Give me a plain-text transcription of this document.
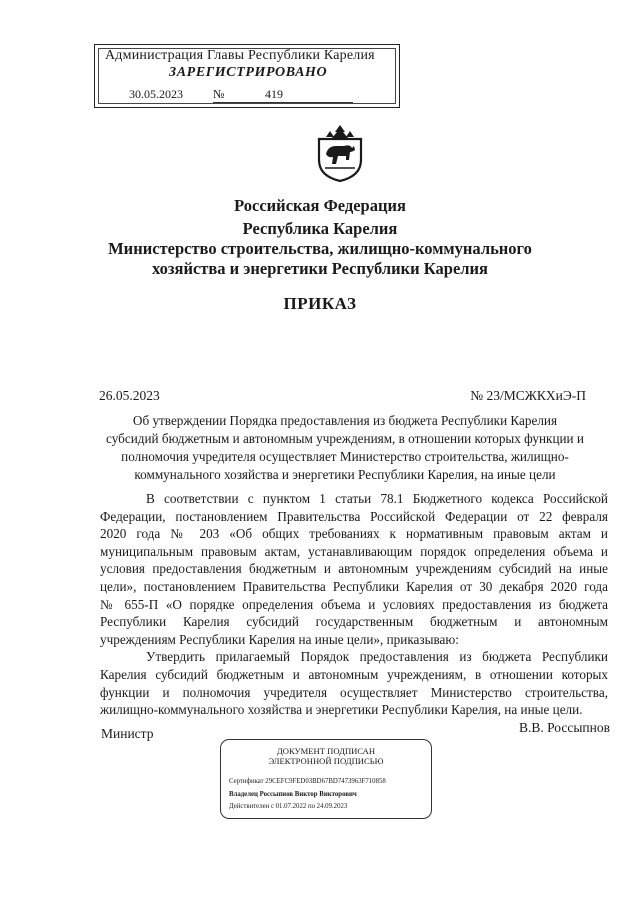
Администрация Главы Республики Карелия
ЗАРЕГИСТРИРОВАНО
30.05.2023	№	419
Российская Федерация
Республика Карелия
Министерство строительства, жилищно-коммунального
хозяйства и энергетики Республики Карелия
ПРИКАЗ
26.05.2023	№ 23/МСЖКХиЭ-П
Об утверждении Порядка предоставления из бюджета Республики Карелия
субсидий бюджетным и автономным учреждениям, в отношении которых функции и
полномочия учредителя осуществляет Министерство строительства, жилищно-
коммунального хозяйства и энергетики Республики Карелия, на иные цели
В соответствии с пунктом 1 статьи 78.1 Бюджетного кодекса Российской
Федерации, постановлением Правительства Российской Федерации от 22 февраля
2020 года № 203 «Об общих требованиях к нормативным правовым актам и
муниципальным правовым актам, устанавливающим порядок определения объема и
условия предоставления бюджетным и автономным учреждениям субсидий на иные
цели», постановлением Правительства Республики Карелия от 30 декабря 2020 года
№ 655-П «О порядке определения объема и условиях предоставления из бюджета
Республики Карелия субсидий государственным бюджетным и автономным
учреждениям Республики Карелия на иные цели», приказываю:
Утвердить прилагаемый Порядок предоставления из бюджета Республики
Карелия субсидий бюджетным и автономным учреждениям, в отношении которых
функции и полномочия учредителя осуществляет Министерство строительства,
жилищно-коммунального хозяйства и энергетики Республики Карелия, на иные цели.
Министр	В.В. Россыпнов
ДОКУМЕНТ ПОДПИСАН
ЭЛЕКТРОННОЙ ПОДПИСЬЮ
Сертификат 29CEFC9FED03BD67BD7473963F710858
Владелец Россыпнов Виктор Викторович
Действителен с 01.07.2022 по 24.09.2023
